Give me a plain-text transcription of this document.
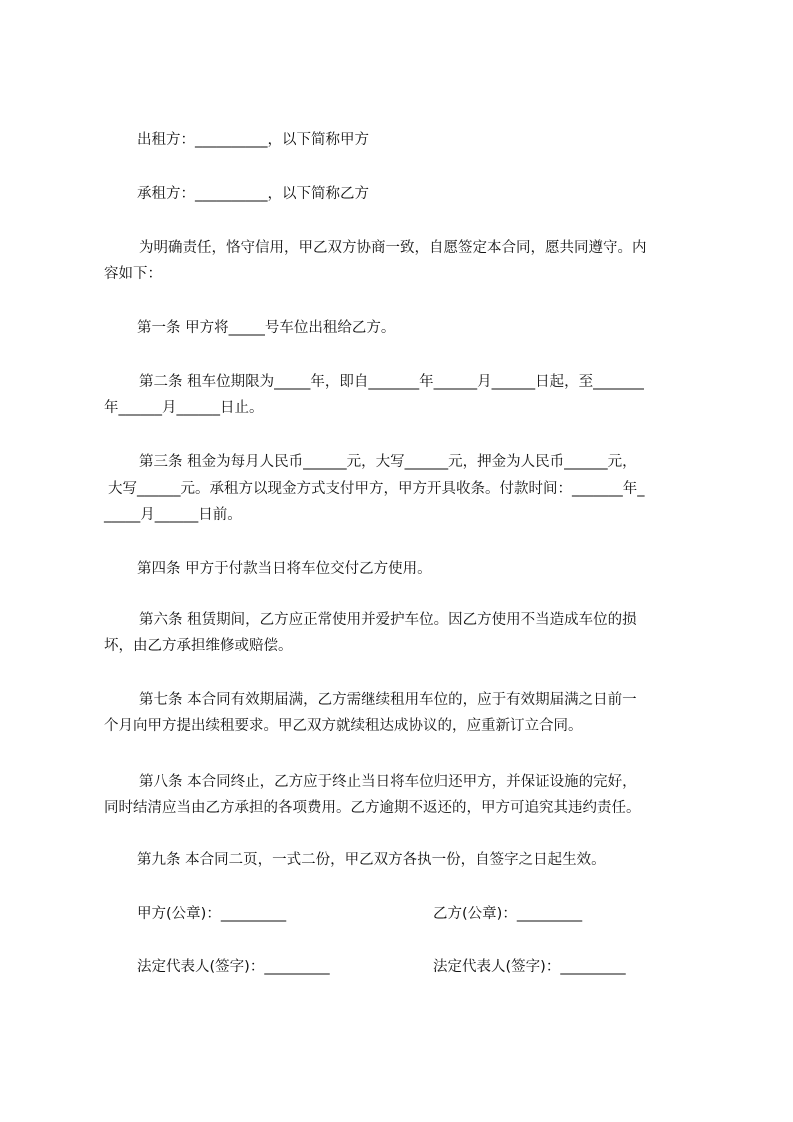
出租方：__________，以下简称甲方
承租方：__________，以下简称乙方
为明确责任，恪守信用，甲乙双方协商一致，自愿签定本合同，愿共同遵守。内
容如下：
第一条 甲方将_____号车位出租给乙方。
第二条 租车位期限为_____年，即自_______年______月______日起，至_______
年______月______日止。
第三条 租金为每月人民币______元，大写______元，押金为人民币______元，
大写______元。承租方以现金方式支付甲方，甲方开具收条。付款时间：_______年_
_____月______日前。
第四条 甲方于付款当日将车位交付乙方使用。
第六条 租赁期间，乙方应正常使用并爱护车位。因乙方使用不当造成车位的损
坏，由乙方承担维修或赔偿。
第七条 本合同有效期届满，乙方需继续租用车位的，应于有效期届满之日前一
个月向甲方提出续租要求。甲乙双方就续租达成协议的，应重新订立合同。
第八条 本合同终止，乙方应于终止当日将车位归还甲方，并保证设施的完好，
同时结清应当由乙方承担的各项费用。乙方逾期不返还的，甲方可追究其违约责任。
第九条 本合同二页，一式二份，甲乙双方各执一份，自签字之日起生效。
甲方(公章)：_________	乙方(公章)：_________
法定代表人(签字)：_________	法定代表人(签字)：_________
